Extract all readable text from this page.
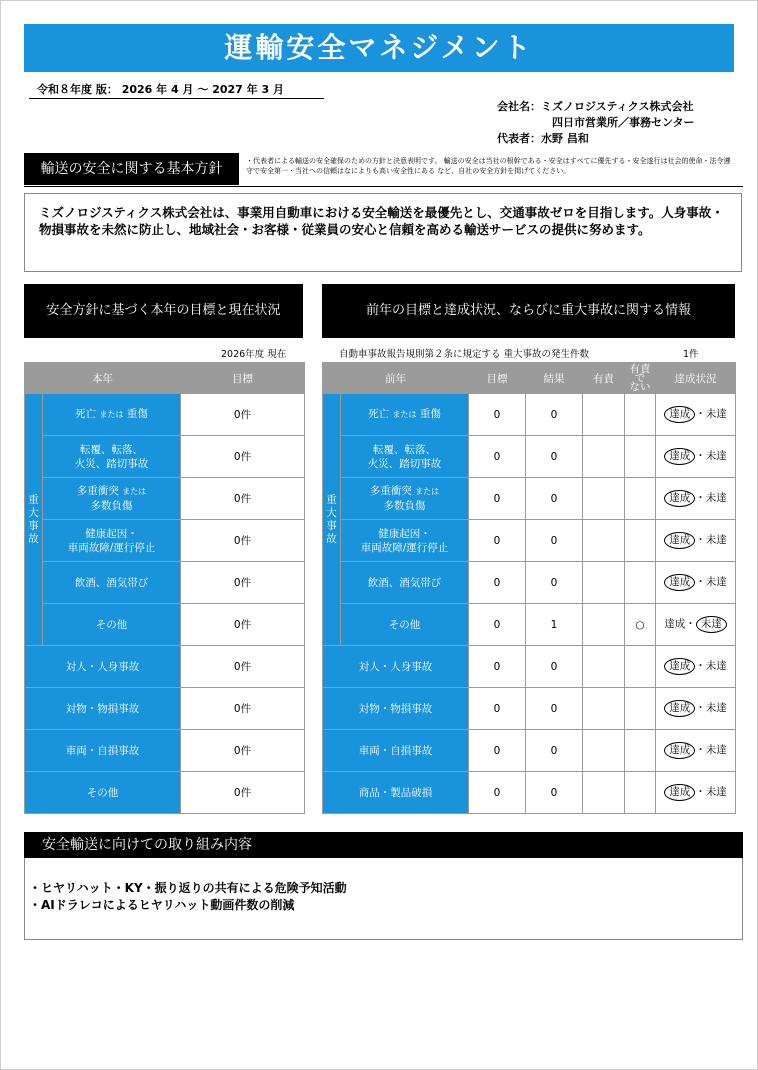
運輸安全マネジメント
令和８年度 版： 2026 年 4 月 ～ 2027 年 3 月
会社名：ミズノロジスティクス株式会社
四日市営業所／事務センター
代表者：水野 昌和
輸送の安全に関する基本方針	・代表者による輸送の安全確保のための方針と決意表明です。 輸送の安全は当社の根幹である・安全はすべてに優先する・安全遂行は社会的使命・法令遵守で安全第一・当社への信頼はなによりも高い安全性にある など、自社の安全方針を掲げてください。
ミズノロジスティクス株式会社は、事業用自動車における安全輸送を最優先とし、交通事故ゼロを目指します。人身事故・物損事故を未然に防止し、地域社会・お客様・従業員の安心と信頼を高める輸送サービスの提供に努めます。
安全方針に基づく本年の目標と現在状況
2026年度 現在
前年の目標と達成状況、ならびに重大事故に関する情報
自動車事故報告規則第２条に規定する 重大事故の発生件数	1件
本年		目標
重
大
事
故	死亡 または 重傷	0件
	転覆、転落、
火災、踏切事故	0件
	多重衝突 または
多数負傷	0件
	健康起因・
車両故障/運行停止	0件
	飲酒、酒気帯び	0件
	その他	0件
対人・人身事故		0件
対物・物損事故		0件
車両・自損事故		0件
その他		0件
前年		目標	結果	有責	有責で
ない	達成状況
重
大
事
故	死亡 または 重傷	0	0			達成 ・未達
	転覆、転落、
火災、踏切事故	0	0			達成 ・未達
	多重衝突 または
多数負傷	0	0			達成 ・未達
	健康起因・
車両故障/運行停止	0	0			達成 ・未達
	飲酒、酒気帯び	0	0			達成 ・未達
	その他	0	1		○	達成・ 未達
対人・人身事故		0	0			達成 ・未達
対物・物損事故		0	0			達成 ・未達
車両・自損事故		0	0			達成 ・未達
商品・製品破損		0	0			達成 ・未達
安全輸送に向けての取り組み内容
・ヒヤリハット・KY・振り返りの共有による危険予知活動
・AIドラレコによるヒヤリハット動画件数の削減
